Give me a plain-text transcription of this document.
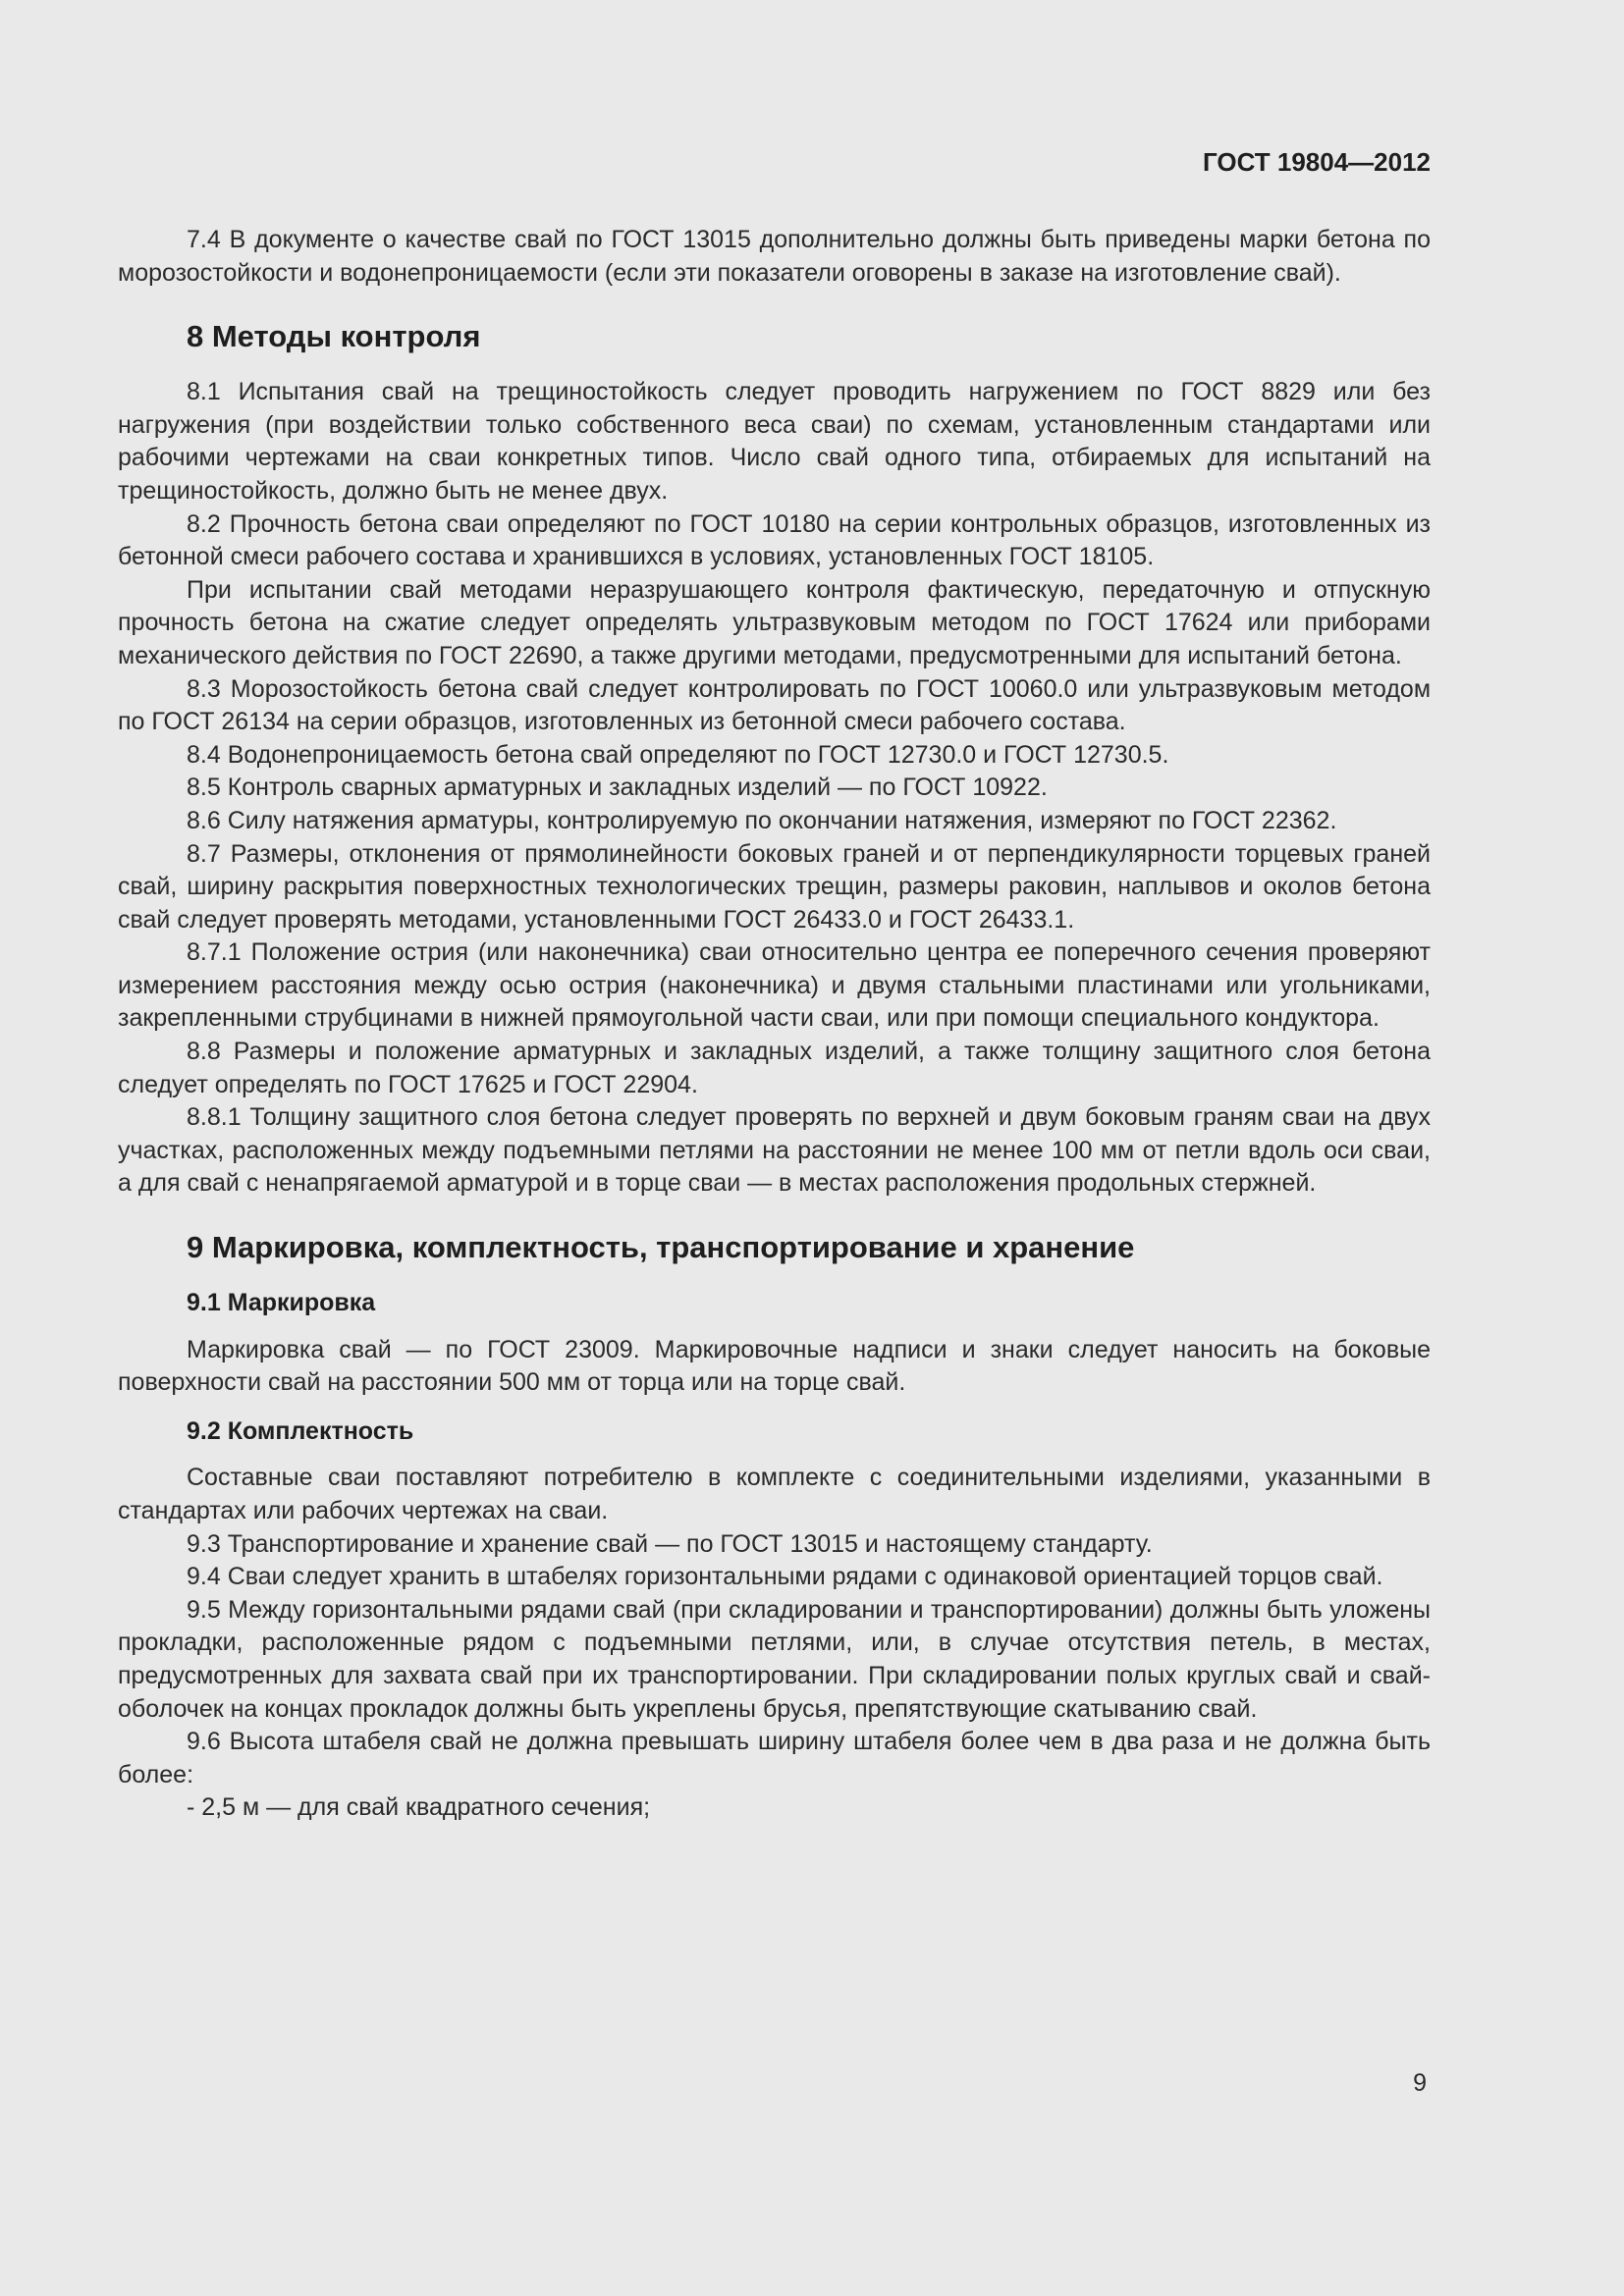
ГОСТ 19804—2012

7.4 В документе о качестве свай по ГОСТ 13015 дополнительно должны быть приведены марки бетона по морозостойкости и водонепроницаемости (если эти показатели оговорены в заказе на изготовление свай).

8 Методы контроля

8.1 Испытания свай на трещиностойкость следует проводить нагружением по ГОСТ 8829 или без нагружения (при воздействии только собственного веса сваи) по схемам, установленным стандартами или рабочими чертежами на сваи конкретных типов. Число свай одного типа, отбираемых для испытаний на трещиностойкость, должно быть не менее двух.

8.2 Прочность бетона сваи определяют по ГОСТ 10180 на серии контрольных образцов, изготовленных из бетонной смеси рабочего состава и хранившихся в условиях, установленных ГОСТ 18105.

При испытании свай методами неразрушающего контроля фактическую, передаточную и отпускную прочность бетона на сжатие следует определять ультразвуковым методом по ГОСТ 17624 или приборами механического действия по ГОСТ 22690, а также другими методами, предусмотренными для испытаний бетона.

8.3 Морозостойкость бетона свай следует контролировать по ГОСТ 10060.0 или ультразвуковым методом по ГОСТ 26134 на серии образцов, изготовленных из бетонной смеси рабочего состава.

8.4 Водонепроницаемость бетона свай определяют по ГОСТ 12730.0 и ГОСТ 12730.5.

8.5 Контроль сварных арматурных и закладных изделий — по ГОСТ 10922.

8.6 Силу натяжения арматуры, контролируемую по окончании натяжения, измеряют по ГОСТ 22362.

8.7 Размеры, отклонения от прямолинейности боковых граней и от перпендикулярности торцевых граней свай, ширину раскрытия поверхностных технологических трещин, размеры раковин, наплывов и околов бетона свай следует проверять методами, установленными ГОСТ 26433.0 и ГОСТ 26433.1.

8.7.1 Положение острия (или наконечника) сваи относительно центра ее поперечного сечения проверяют измерением расстояния между осью острия (наконечника) и двумя стальными пластинами или угольниками, закрепленными струбцинами в нижней прямоугольной части сваи, или при помощи специального кондуктора.

8.8 Размеры и положение арматурных и закладных изделий, а также толщину защитного слоя бетона следует определять по ГОСТ 17625 и ГОСТ 22904.

8.8.1 Толщину защитного слоя бетона следует проверять по верхней и двум боковым граням сваи на двух участках, расположенных между подъемными петлями на расстоянии не менее 100 мм от петли вдоль оси сваи, а для свай с ненапрягаемой арматурой и в торце сваи — в местах расположения продольных стержней.

9 Маркировка, комплектность, транспортирование и хранение
9.1 Маркировка

Маркировка свай — по ГОСТ 23009. Маркировочные надписи и знаки следует наносить на боковые поверхности свай на расстоянии 500 мм от торца или на торце свай.

9.2 Комплектность

Составные сваи поставляют потребителю в комплекте с соединительными изделиями, указанными в стандартах или рабочих чертежах на сваи.

9.3 Транспортирование и хранение свай — по ГОСТ 13015 и настоящему стандарту.

9.4 Сваи следует хранить в штабелях горизонтальными рядами с одинаковой ориентацией торцов свай.

9.5 Между горизонтальными рядами свай (при складировании и транспортировании) должны быть уложены прокладки, расположенные рядом с подъемными петлями, или, в случае отсутствия петель, в местах, предусмотренных для захвата свай при их транспортировании. При складировании полых круглых свай и свай-оболочек на концах прокладок должны быть укреплены брусья, препятствующие скатыванию свай.

9.6 Высота штабеля свай не должна превышать ширину штабеля более чем в два раза и не должна быть более:

- 2,5 м — для свай квадратного сечения;

9
